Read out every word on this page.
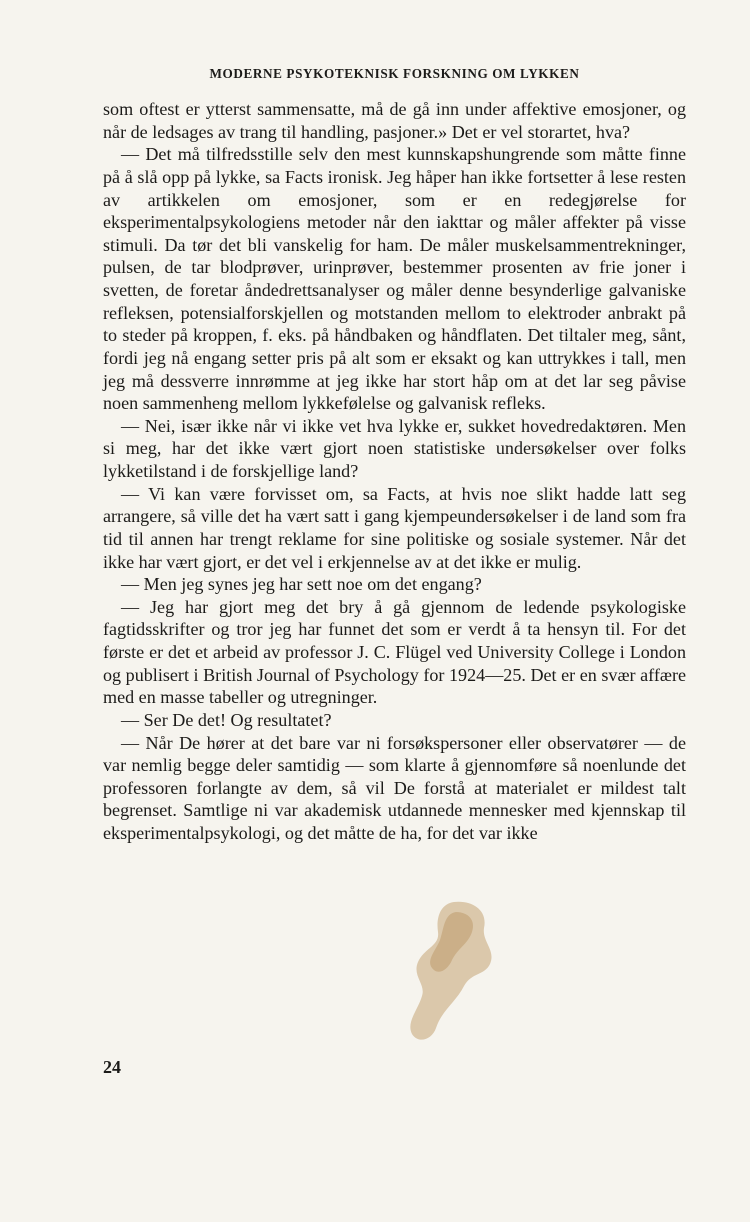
MODERNE PSYKOTEKNISK FORSKNING OM LYKKEN

som oftest er ytterst sammensatte, må de gå inn under affektive emosjoner, og når de ledsages av trang til handling, pasjoner.» Det er vel storartet, hva?

— Det må tilfredsstille selv den mest kunnskapshungrende som måtte finne på å slå opp på lykke, sa Facts ironisk. Jeg håper han ikke fortsetter å lese resten av artikkelen om emosjoner, som er en redegjørelse for eksperimentalpsykologiens metoder når den iakttar og måler affekter på visse stimuli. Da tør det bli vanskelig for ham. De måler muskelsammentrekninger, pulsen, de tar blodprøver, urinprøver, bestemmer prosenten av frie joner i svetten, de foretar åndedrettsanalyser og måler denne besynderlige galvaniske refleksen, potensialforskjellen og motstanden mellom to elektroder anbrakt på to steder på kroppen, f. eks. på håndbaken og håndflaten. Det tiltaler meg, sånt, fordi jeg nå engang setter pris på alt som er eksakt og kan uttrykkes i tall, men jeg må dessverre innrømme at jeg ikke har stort håp om at det lar seg påvise noen sammenheng mellom lykkefølelse og galvanisk refleks.

— Nei, især ikke når vi ikke vet hva lykke er, sukket hovedredaktøren. Men si meg, har det ikke vært gjort noen statistiske undersøkelser over folks lykketilstand i de forskjellige land?

— Vi kan være forvisset om, sa Facts, at hvis noe slikt hadde latt seg arrangere, så ville det ha vært satt i gang kjempeundersøkelser i de land som fra tid til annen har trengt reklame for sine politiske og sosiale systemer. Når det ikke har vært gjort, er det vel i erkjennelse av at det ikke er mulig.

— Men jeg synes jeg har sett noe om det engang?

— Jeg har gjort meg det bry å gå gjennom de ledende psykologiske fagtidsskrifter og tror jeg har funnet det som er verdt å ta hensyn til. For det første er det et arbeid av professor J. C. Flügel ved University College i London og publisert i British Journal of Psychology for 1924—25. Det er en svær affære med en masse tabeller og utregninger.

— Ser De det! Og resultatet?

— Når De hører at det bare var ni forsøkspersoner eller observatører — de var nemlig begge deler samtidig — som klarte å gjennomføre så noenlunde det professoren forlangte av dem, så vil De forstå at materialet er mildest talt begrenset. Samtlige ni var akademisk utdannede mennesker med kjennskap til eksperimentalpsykologi, og det måtte de ha, for det var ikke

24
